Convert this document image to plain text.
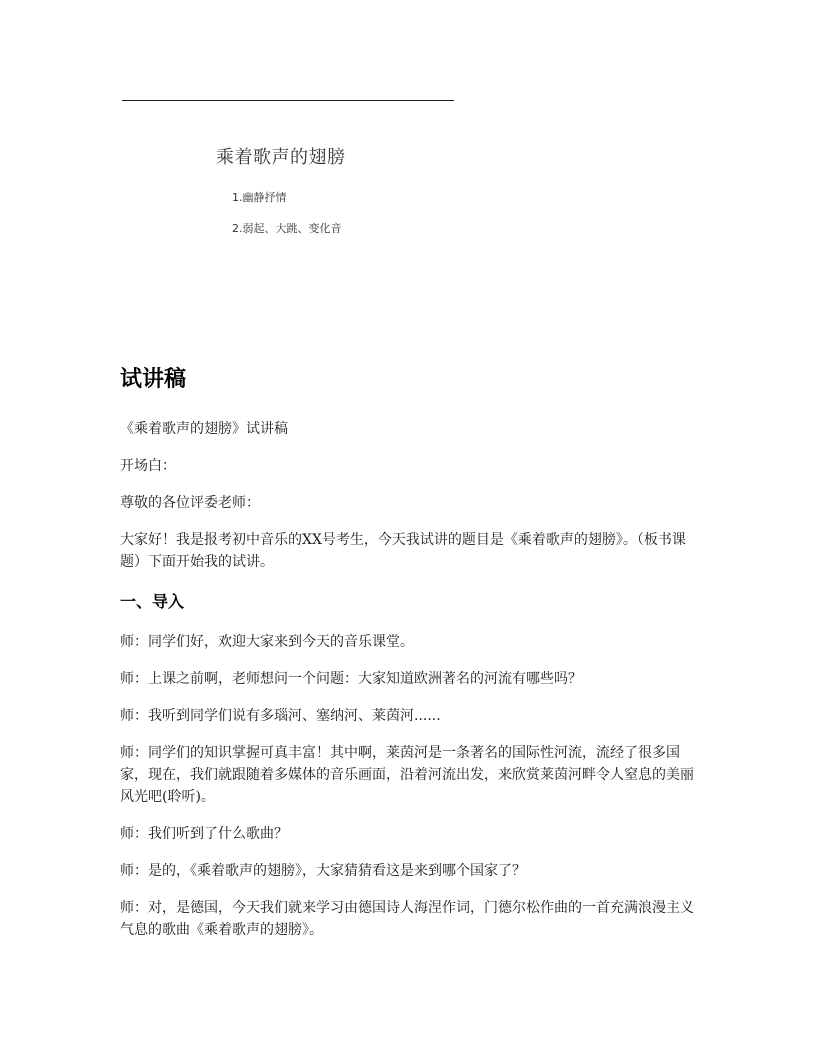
乘着歌声的翅膀

1.幽静抒情

2.弱起、大跳、变化音

试讲稿

《乘着歌声的翅膀》试讲稿

开场白：

尊敬的各位评委老师：

大家好！我是报考初中音乐的XX号考生，今天我试讲的题目是《乘着歌声的翅膀》。（板书课题）下面开始我的试讲。

一、导入

师：同学们好，欢迎大家来到今天的音乐课堂。

师：上课之前啊，老师想问一个问题：大家知道欧洲著名的河流有哪些吗？

师：我听到同学们说有多瑙河、塞纳河、莱茵河......

师：同学们的知识掌握可真丰富！其中啊，莱茵河是一条著名的国际性河流，流经了很多国家，现在，我们就跟随着多媒体的音乐画面，沿着河流出发，来欣赏莱茵河畔令人窒息的美丽风光吧(聆听)。

师：我们听到了什么歌曲？

师：是的，《乘着歌声的翅膀》，大家猜猜看这是来到哪个国家了？

师：对，是德国，今天我们就来学习由德国诗人海涅作词，门德尔松作曲的一首充满浪漫主义气息的歌曲《乘着歌声的翅膀》。
